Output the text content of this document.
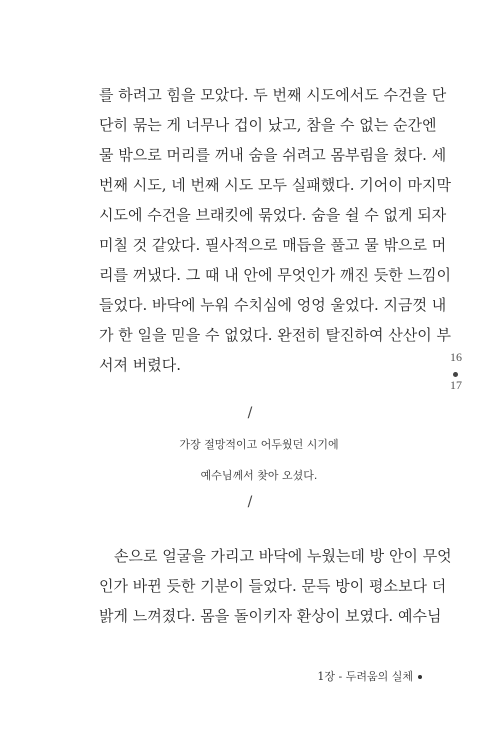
를 하려고 힘을 모았다. 두 번째 시도에서도 수건을 단
단히 묶는 게 너무나 겁이 났고, 참을 수 없는 순간엔
물 밖으로 머리를 꺼내 숨을 쉬려고 몸부림을 쳤다. 세
번째 시도, 네 번째 시도 모두 실패했다. 기어이 마지막
시도에 수건을 브래킷에 묶었다. 숨을 쉴 수 없게 되자
미칠 것 같았다. 필사적으로 매듭을 풀고 물 밖으로 머
리를 꺼냈다. 그 때 내 안에 무엇인가 깨진 듯한 느낌이
들었다. 바닥에 누워 수치심에 엉엉 울었다. 지금껏 내
가 한 일을 믿을 수 없었다. 완전히 탈진하여 산산이 부
서져 버렸다.	16
17
/
가장 절망적이고 어두웠던 시기에
예수님께서 찾아 오셨다.
/
손으로 얼굴을 가리고 바닥에 누웠는데 방 안이 무엇
인가 바뀐 듯한 기분이 들었다. 문득 방이 평소보다 더
밝게 느껴졌다. 몸을 돌이키자 환상이 보였다. 예수님
1장 - 두려움의 실체
